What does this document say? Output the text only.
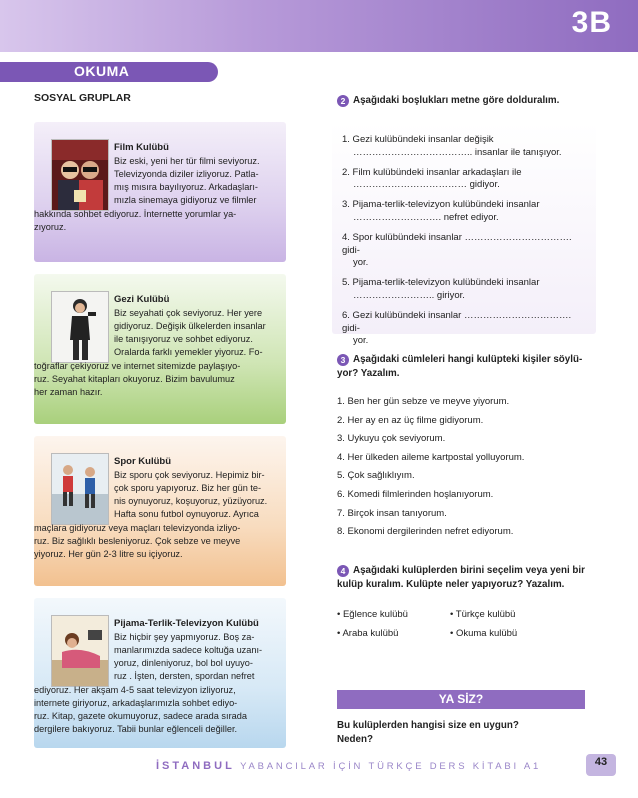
3B
OKUMA
SOSYAL GRUPLAR
Film Kulübü
Biz eski, yeni her tür filmi seviyoruz.
Televizyonda diziler izliyoruz. Patla-
mış mısıra bayılıyoruz. Arkadaşları-
mızla sinemaya gidiyoruz ve filmler
hakkında sohbet ediyoruz. İnternette yorumlar ya-
zıyoruz.
Gezi Kulübü
Biz seyahati çok seviyoruz. Her yere
gidiyoruz. Değişik ülkelerden insanlar
ile tanışıyoruz ve sohbet ediyoruz.
Oralarda farklı yemekler yiyoruz. Fo-
toğraflar çekiyoruz ve internet sitemizde paylaşıyo-
ruz. Seyahat kitapları okuyoruz. Bizim bavulumuz
her zaman hazır.
Spor Kulübü
Biz sporu çok seviyoruz. Hepimiz bir-
çok sporu yapıyoruz. Biz her gün te-
nis oynuyoruz, koşuyoruz, yüzüyoruz.
Hafta sonu futbol oynuyoruz. Ayrıca
maçlara gidiyoruz veya maçları televizyonda izliyo-
ruz. Biz sağlıklı besleniyoruz. Çok sebze ve meyve
yiyoruz. Her gün 2-3 litre su içiyoruz.
Pijama-Terlik-Televizyon Kulübü
Biz hiçbir şey yapmıyoruz. Boş za-
manlarımızda sadece koltuğa uzanı-
yoruz, dinleniyoruz, bol bol uyuyo-
ruz . İşten, dersten, spordan nefret
ediyoruz. Her akşam 4-5 saat televizyon izliyoruz,
internete giriyoruz, arkadaşlarımızla sohbet ediyo-
ruz. Kitap, gazete okumuyoruz, sadece arada sırada
dergilere bakıyoruz. Tabii bunlar eğlenceli değiller.
2 Aşağıdaki boşlukları metne göre dolduralım.
1. Gezi kulübündeki insanlar değişik
……………………………….. insanlar ile tanışıyor.
2. Film kulübündeki insanlar arkadaşları ile
……………………………… gidiyor.
3. Pijama-terlik-televizyon kulübündeki insanlar
………………………. nefret ediyor.
4. Spor kulübündeki insanlar ……………………………. gidi-
yor.
5. Pijama-terlik-televizyon kulübündeki insanlar
…………………….. giriyor.
6. Gezi kulübündeki insanlar ……………………………. gidi-
yor.
3 Aşağıdaki cümleleri hangi kulüpteki kişiler söylü-
yor? Yazalım.
1. Ben her gün sebze ve meyve yiyorum.
2. Her ay en az üç filme gidiyorum.
3. Uykuyu çok seviyorum.
4. Her ülkeden aileme kartpostal yolluyorum.
5. Çok sağlıklıyım.
6. Komedi filmlerinden hoşlanıyorum.
7. Birçok insan tanıyorum.
8. Ekonomi dergilerinden nefret ediyorum.
4 Aşağıdaki kulüplerden birini seçelim veya yeni bir
kulüp kuralım. Kulüpte neler yapıyoruz? Yazalım.
• Eğlence kulübü	• Türkçe kulübü
• Araba kulübü	• Okuma kulübü
YA SİZ?
Bu kulüplerden hangisi size en uygun?
Neden?
İSTANBUL YABANCILAR İÇİN TÜRKÇE DERS KİTABI A1	43
